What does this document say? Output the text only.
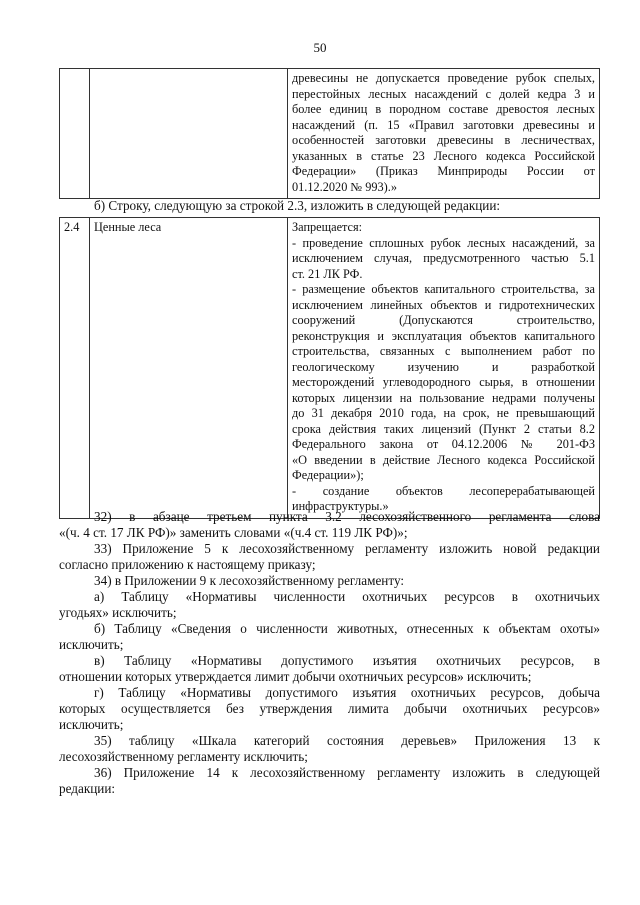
50

древесины не допускается проведение рубок спелых,
перестойных лесных насаждений с долей кедра 3 и
более единиц в породном составе древостоя лесных
насаждений (п. 15 «Правил заготовки древесины и
особенностей заготовки древесины в лесничествах,
указанных в статье 23 Лесного кодекса Российской
Федерации» (Приказ Минприроды России от
01.12.2020 № 993).»
б) Строку, следующую за строкой 2.3, изложить в следующей редакции:
2.4	Ценные леса	Запрещается:
- проведение сплошных рубок лесных насаждений, за
исключением случая, предусмотренного частью 5.1
ст. 21 ЛК РФ.
- размещение объектов капитального строительства, за
исключением линейных объектов и гидротехнических
сооружений (Допускаются строительство,
реконструкция и эксплуатация объектов капитального
строительства, связанных с выполнением работ по
геологическому изучению и разработкой
месторождений углеводородного сырья, в отношении
которых лицензии на пользование недрами получены
до 31 декабря 2010 года, на срок, не превышающий
срока действия таких лицензий (Пункт 2 статьи 8.2
Федерального закона от 04.12.2006 № 201-ФЗ
«О введении в действие Лесного кодекса Российской
Федерации»);
- создание объектов лесоперерабатывающей
инфраструктуры.»
32) в абзаце третьем пункта 3.2 лесохозяйственного регламента слова
«(ч. 4 ст. 17 ЛК РФ)» заменить словами «(ч.4 ст. 119 ЛК РФ)»;
33) Приложение 5 к лесохозяйственному регламенту изложить новой редакции
согласно приложению к настоящему приказу;
34) в Приложении 9 к лесохозяйственному регламенту:
а) Таблицу «Нормативы численности охотничьих ресурсов в охотничьих
угодьях» исключить;
б) Таблицу «Сведения о численности животных, отнесенных к объектам охоты»
исключить;
в) Таблицу «Нормативы допустимого изъятия охотничьих ресурсов, в
отношении которых утверждается лимит добычи охотничьих ресурсов» исключить;
г) Таблицу «Нормативы допустимого изъятия охотничьих ресурсов, добыча
которых осуществляется без утверждения лимита добычи охотничьих ресурсов»
исключить;
35) таблицу «Шкала категорий состояния деревьев» Приложения 13 к
лесохозяйственному регламенту исключить;
36) Приложение 14 к лесохозяйственному регламенту изложить в следующей
редакции:
